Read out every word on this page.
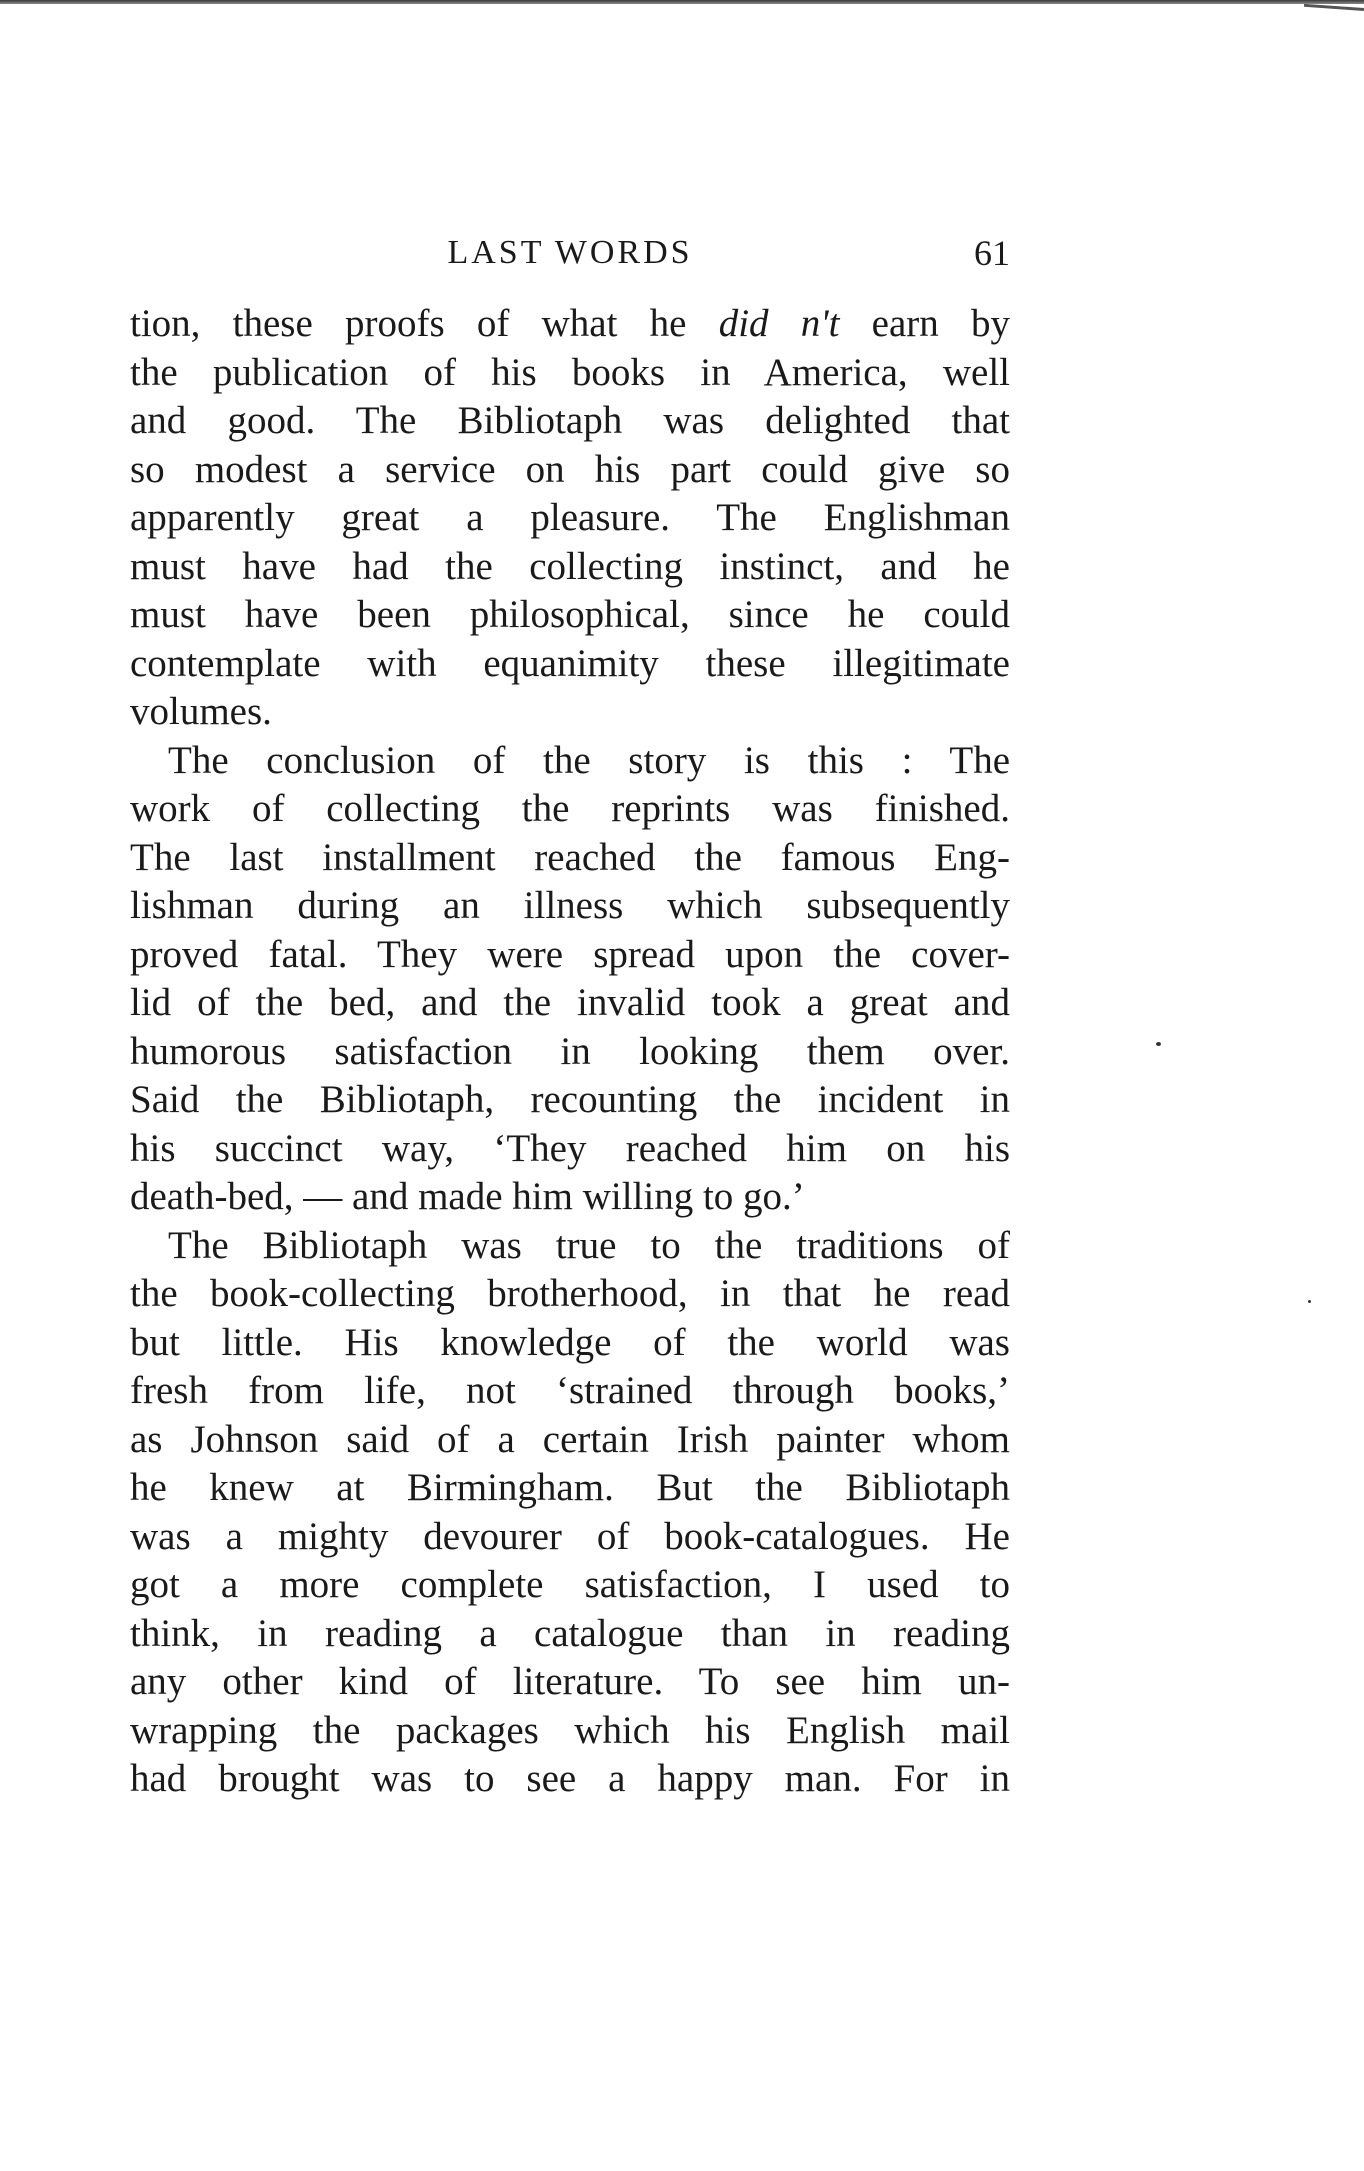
LAST WORDS	61
tion, these proofs of what he did n't earn by
the publication of his books in America, well
and good. The Bibliotaph was delighted that
so modest a service on his part could give so
apparently great a pleasure. The Englishman
must have had the collecting instinct, and he
must have been philosophical, since he could
contemplate with equanimity these illegitimate
volumes.
The conclusion of the story is this : The
work of collecting the reprints was finished.
The last installment reached the famous Eng-
lishman during an illness which subsequently
proved fatal. They were spread upon the cover-
lid of the bed, and the invalid took a great and
humorous satisfaction in looking them over.
Said the Bibliotaph, recounting the incident in
his succinct way, ‘They reached him on his
death-bed, — and made him willing to go.’
The Bibliotaph was true to the traditions of
the book-collecting brotherhood, in that he read
but little. His knowledge of the world was
fresh from life, not ‘strained through books,’
as Johnson said of a certain Irish painter whom
he knew at Birmingham. But the Bibliotaph
was a mighty devourer of book-catalogues. He
got a more complete satisfaction, I used to
think, in reading a catalogue than in reading
any other kind of literature. To see him un-
wrapping the packages which his English mail
had brought was to see a happy man. For in
